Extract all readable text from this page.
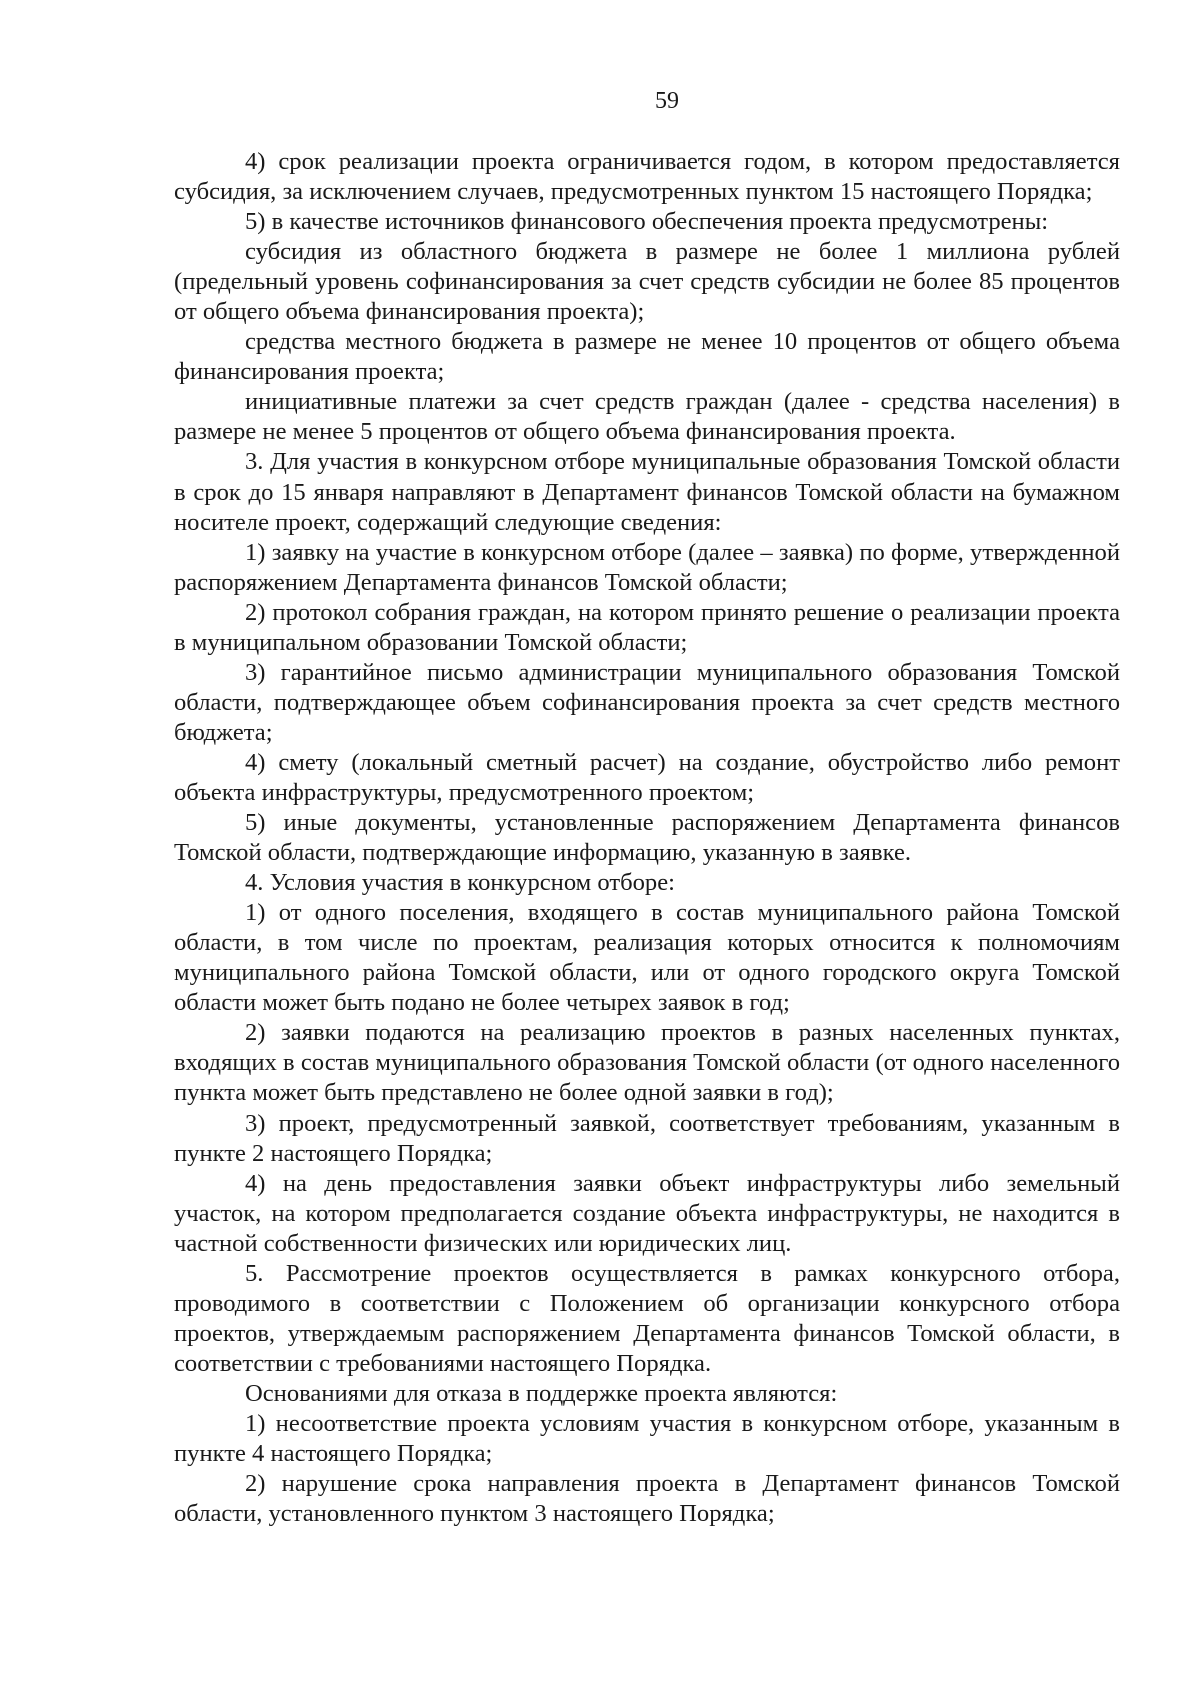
59

4) срок реализации проекта ограничивается годом, в котором предоставляется субсидия, за исключением случаев, предусмотренных пунктом 15 настоящего Порядка;

5) в качестве источников финансового обеспечения проекта предусмотрены:

субсидия из областного бюджета в размере не более 1 миллиона рублей (предельный уровень софинансирования за счет средств субсидии не более 85 процентов от общего объема финансирования проекта);

средства местного бюджета в размере не менее 10 процентов от общего объема финансирования проекта;

инициативные платежи за счет средств граждан (далее - средства населения) в размере не менее 5 процентов от общего объема финансирования проекта.

3. Для участия в конкурсном отборе муниципальные образования Томской области в срок до 15 января направляют в Департамент финансов Томской области на бумажном носителе проект, содержащий следующие сведения:

1) заявку на участие в конкурсном отборе (далее – заявка) по форме, утвержденной распоряжением Департамента финансов Томской области;

2) протокол собрания граждан, на котором принято решение о реализации проекта в муниципальном образовании Томской области;

3) гарантийное письмо администрации муниципального образования Томской области, подтверждающее объем софинансирования проекта за счет средств местного бюджета;

4) смету (локальный сметный расчет) на создание, обустройство либо ремонт объекта инфраструктуры, предусмотренного проектом;

5) иные документы, установленные распоряжением Департамента финансов Томской области, подтверждающие информацию, указанную в заявке.

4. Условия участия в конкурсном отборе:

1) от одного поселения, входящего в состав муниципального района Томской области, в том числе по проектам, реализация которых относится к полномочиям муниципального района Томской области, или от одного городского округа Томской области может быть подано не более четырех заявок в год;

2) заявки подаются на реализацию проектов в разных населенных пунктах, входящих в состав муниципального образования Томской области (от одного населенного пункта может быть представлено не более одной заявки в год);

3) проект, предусмотренный заявкой, соответствует требованиям, указанным в пункте 2 настоящего Порядка;

4) на день предоставления заявки объект инфраструктуры либо земельный участок, на котором предполагается создание объекта инфраструктуры, не находится в частной собственности физических или юридических лиц.

5. Рассмотрение проектов осуществляется в рамках конкурсного отбора, проводимого в соответствии с Положением об организации конкурсного отбора проектов, утверждаемым распоряжением Департамента финансов Томской области, в соответствии с требованиями настоящего Порядка.

Основаниями для отказа в поддержке проекта являются:

1) несоответствие проекта условиям участия в конкурсном отборе, указанным в пункте 4 настоящего Порядка;

2) нарушение срока направления проекта в Департамент финансов Томской области, установленного пунктом 3 настоящего Порядка;
